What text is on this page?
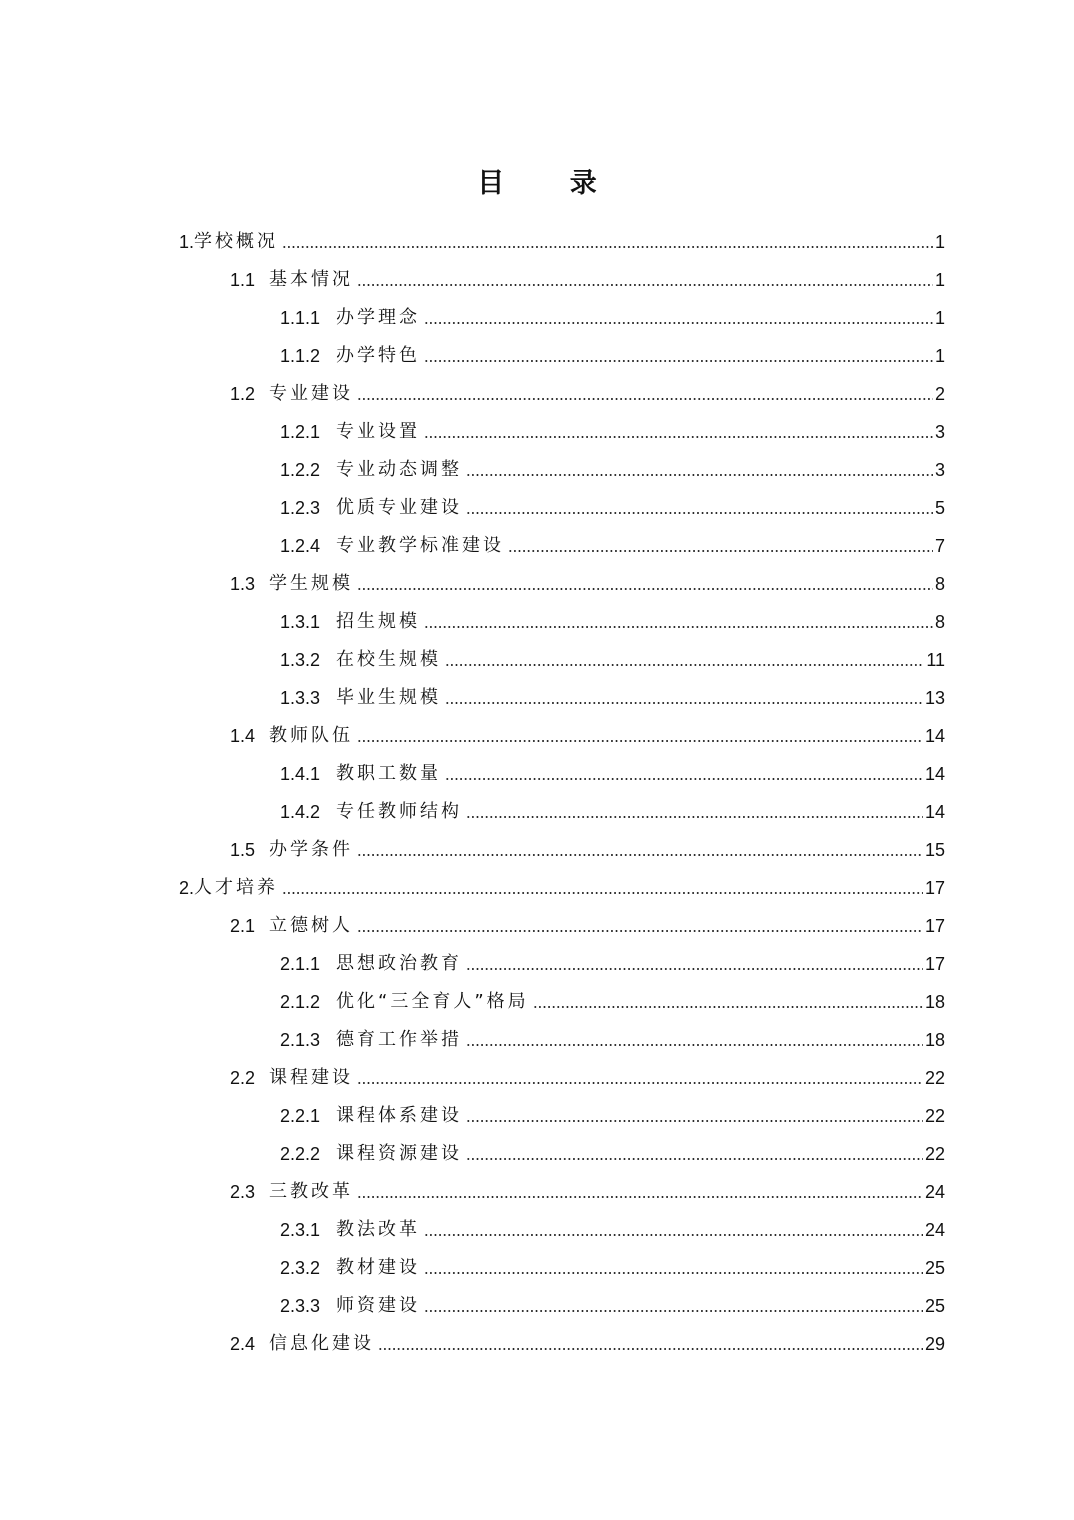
目 录
1. 学校概况	1
1.1 基本情况	1
1.1.1 办学理念	1
1.1.2 办学特色	1
1.2 专业建设	2
1.2.1 专业设置	3
1.2.2 专业动态调整	3
1.2.3 优质专业建设	5
1.2.4 专业教学标准建设	7
1.3 学生规模	8
1.3.1 招生规模	8
1.3.2 在校生规模	11
1.3.3 毕业生规模	13
1.4 教师队伍	14
1.4.1 教职工数量	14
1.4.2 专任教师结构	14
1.5 办学条件	15
2. 人才培养	17
2.1 立德树人	17
2.1.1 思想政治教育	17
2.1.2 优化“三全育人”格局	18
2.1.3 德育工作举措	18
2.2 课程建设	22
2.2.1 课程体系建设	22
2.2.2 课程资源建设	22
2.3 三教改革	24
2.3.1 教法改革	24
2.3.2 教材建设	25
2.3.3 师资建设	25
2.4 信息化建设	29
